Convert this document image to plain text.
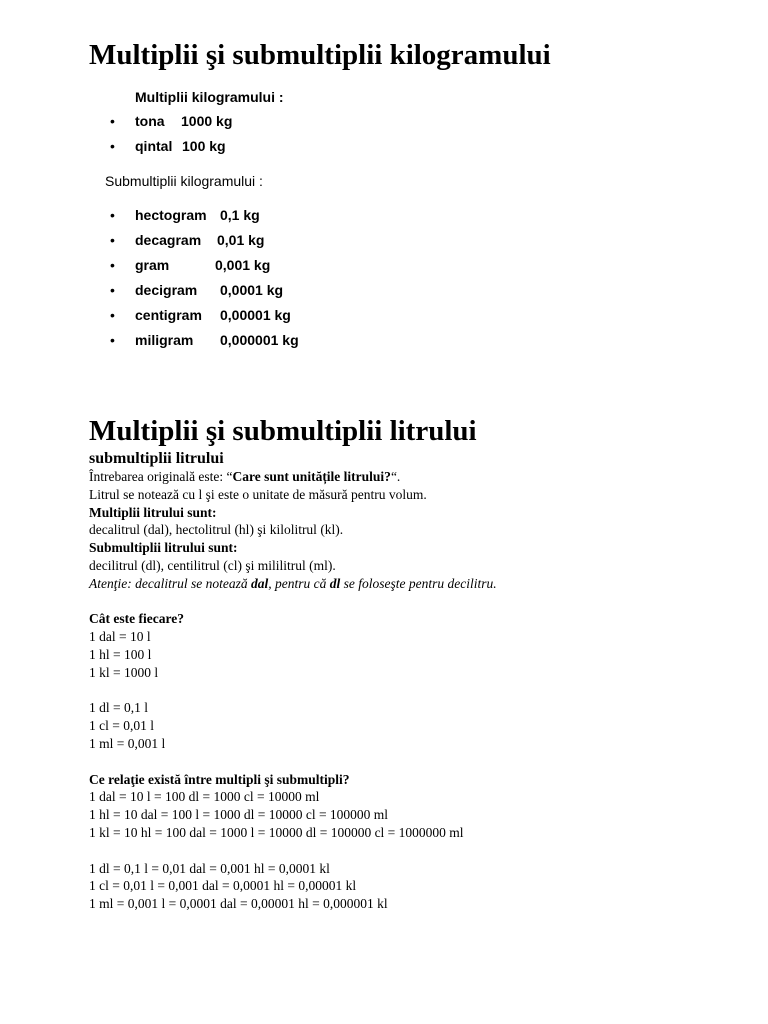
Multiplii şi submultiplii kilogramului
Multiplii kilogramului :
• tona 1000 kg
• qintal 100 kg
Submultiplii kilogramului :
• hectogram 0,1 kg
• decagram 0,01 kg
• gram	0,001 kg
• decigram 0,0001 kg
• centigram 0,00001 kg
• miligram 0,000001 kg
Multiplii şi submultiplii litrului
submultiplii litrului
Întrebarea originală este: “Care sunt unitățile litrului?“.
Litrul se notează cu l şi este o unitate de măsură pentru volum.
Multiplii litrului sunt:
decalitrul (dal), hectolitrul (hl) şi kilolitrul (kl).
Submultiplii litrului sunt:
decilitrul (dl), centilitrul (cl) şi mililitrul (ml).
Atenţie: decalitrul se notează dal, pentru că dl se foloseşte pentru decilitru.
Cât este fiecare?
1 dal = 10 l
1 hl = 100 l
1 kl = 1000 l
1 dl = 0,1 l
1 cl = 0,01 l
1 ml = 0,001 l
Ce relaţie există între multipli şi submultipli?
1 dal = 10 l = 100 dl = 1000 cl = 10000 ml
1 hl = 10 dal = 100 l = 1000 dl = 10000 cl = 100000 ml
1 kl = 10 hl = 100 dal = 1000 l = 10000 dl = 100000 cl = 1000000 ml
1 dl = 0,1 l = 0,01 dal = 0,001 hl = 0,0001 kl
1 cl = 0,01 l = 0,001 dal = 0,0001 hl = 0,00001 kl
1 ml = 0,001 l = 0,0001 dal = 0,00001 hl = 0,000001 kl
